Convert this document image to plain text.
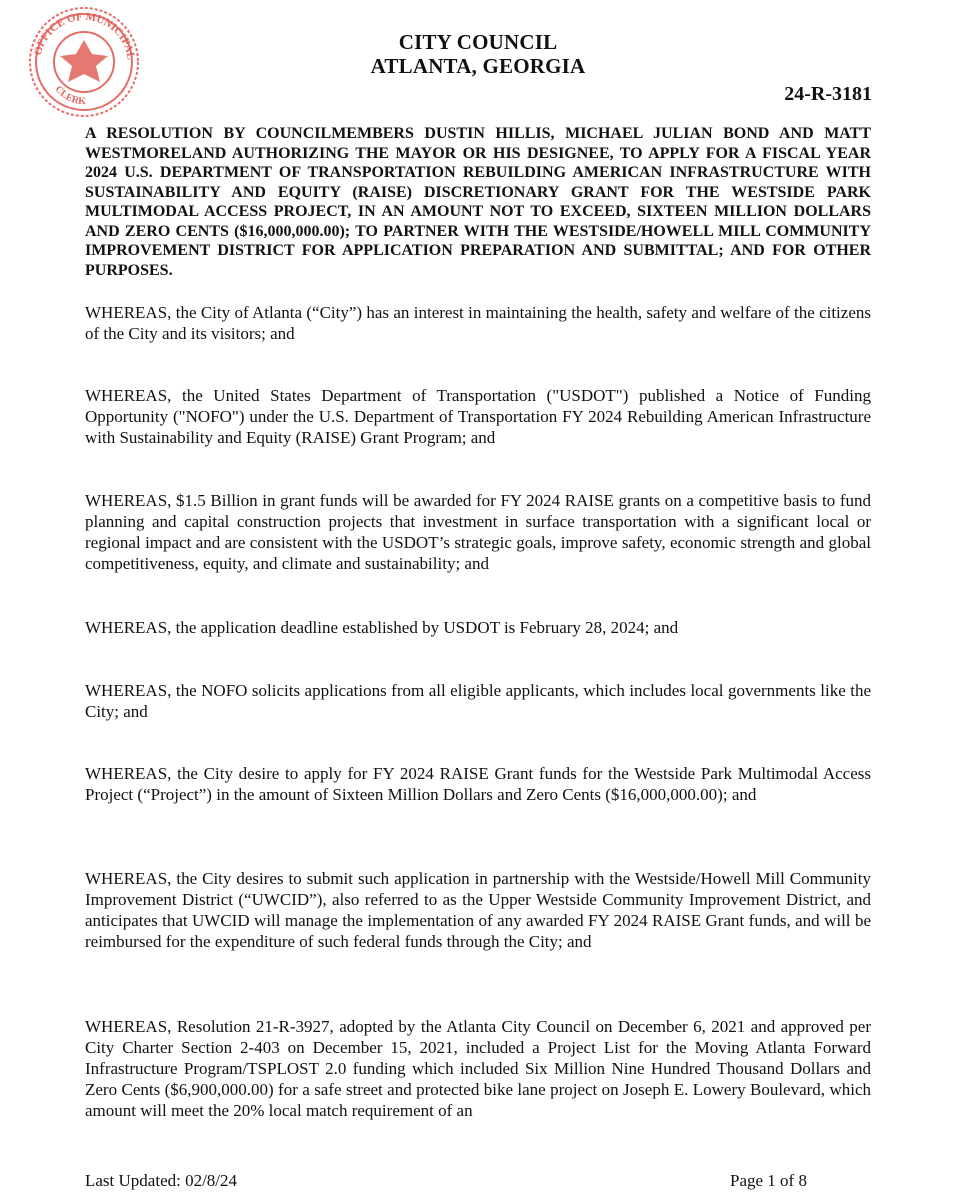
OFFICE OF MUNICIPAL
CLERK
CITY COUNCIL
ATLANTA, GEORGIA
24-R-3181

A RESOLUTION BY COUNCILMEMBERS DUSTIN HILLIS, MICHAEL JULIAN BOND AND MATT WESTMORELAND AUTHORIZING THE MAYOR OR HIS DESIGNEE, TO APPLY FOR A FISCAL YEAR 2024 U.S. DEPARTMENT OF TRANSPORTATION REBUILDING AMERICAN INFRASTRUCTURE WITH SUSTAINABILITY AND EQUITY (RAISE) DISCRETIONARY GRANT FOR THE WESTSIDE PARK MULTIMODAL ACCESS PROJECT, IN AN AMOUNT NOT TO EXCEED, SIXTEEN MILLION DOLLARS AND ZERO CENTS ($16,000,000.00); TO PARTNER WITH THE WESTSIDE/HOWELL MILL COMMUNITY IMPROVEMENT DISTRICT FOR APPLICATION PREPARATION AND SUBMITTAL; AND FOR OTHER PURPOSES.

WHEREAS, the City of Atlanta (“City”) has an interest in maintaining the health, safety and welfare of the citizens of the City and its visitors; and

WHEREAS, the United States Department of Transportation ("USDOT") published a Notice of Funding Opportunity ("NOFO") under the U.S. Department of Transportation FY 2024 Rebuilding American Infrastructure with Sustainability and Equity (RAISE) Grant Program; and

WHEREAS, $1.5 Billion in grant funds will be awarded for FY 2024 RAISE grants on a competitive basis to fund planning and capital construction projects that investment in surface transportation with a significant local or regional impact and are consistent with the USDOT’s strategic goals, improve safety, economic strength and global competitiveness, equity, and climate and sustainability; and

WHEREAS, the application deadline established by USDOT is February 28, 2024; and

WHEREAS, the NOFO solicits applications from all eligible applicants, which includes local governments like the City; and

WHEREAS, the City desire to apply for FY 2024 RAISE Grant funds for the Westside Park Multimodal Access Project (“Project”) in the amount of Sixteen Million Dollars and Zero Cents ($16,000,000.00); and

WHEREAS, the City desires to submit such application in partnership with the Westside/Howell Mill Community Improvement District (“UWCID”), also referred to as the Upper Westside Community Improvement District, and anticipates that UWCID will manage the implementation of any awarded FY 2024 RAISE Grant funds, and will be reimbursed for the expenditure of such federal funds through the City; and

WHEREAS, Resolution 21-R-3927, adopted by the Atlanta City Council on December 6, 2021 and approved per City Charter Section 2-403 on December 15, 2021, included a Project List for the Moving Atlanta Forward Infrastructure Program/TSPLOST 2.0 funding which included Six Million Nine Hundred Thousand Dollars and Zero Cents ($6,900,000.00) for a safe street and protected bike lane project on Joseph E. Lowery Boulevard, which amount will meet the 20% local match requirement of an

Last Updated: 02/8/24	Page 1 of 8
